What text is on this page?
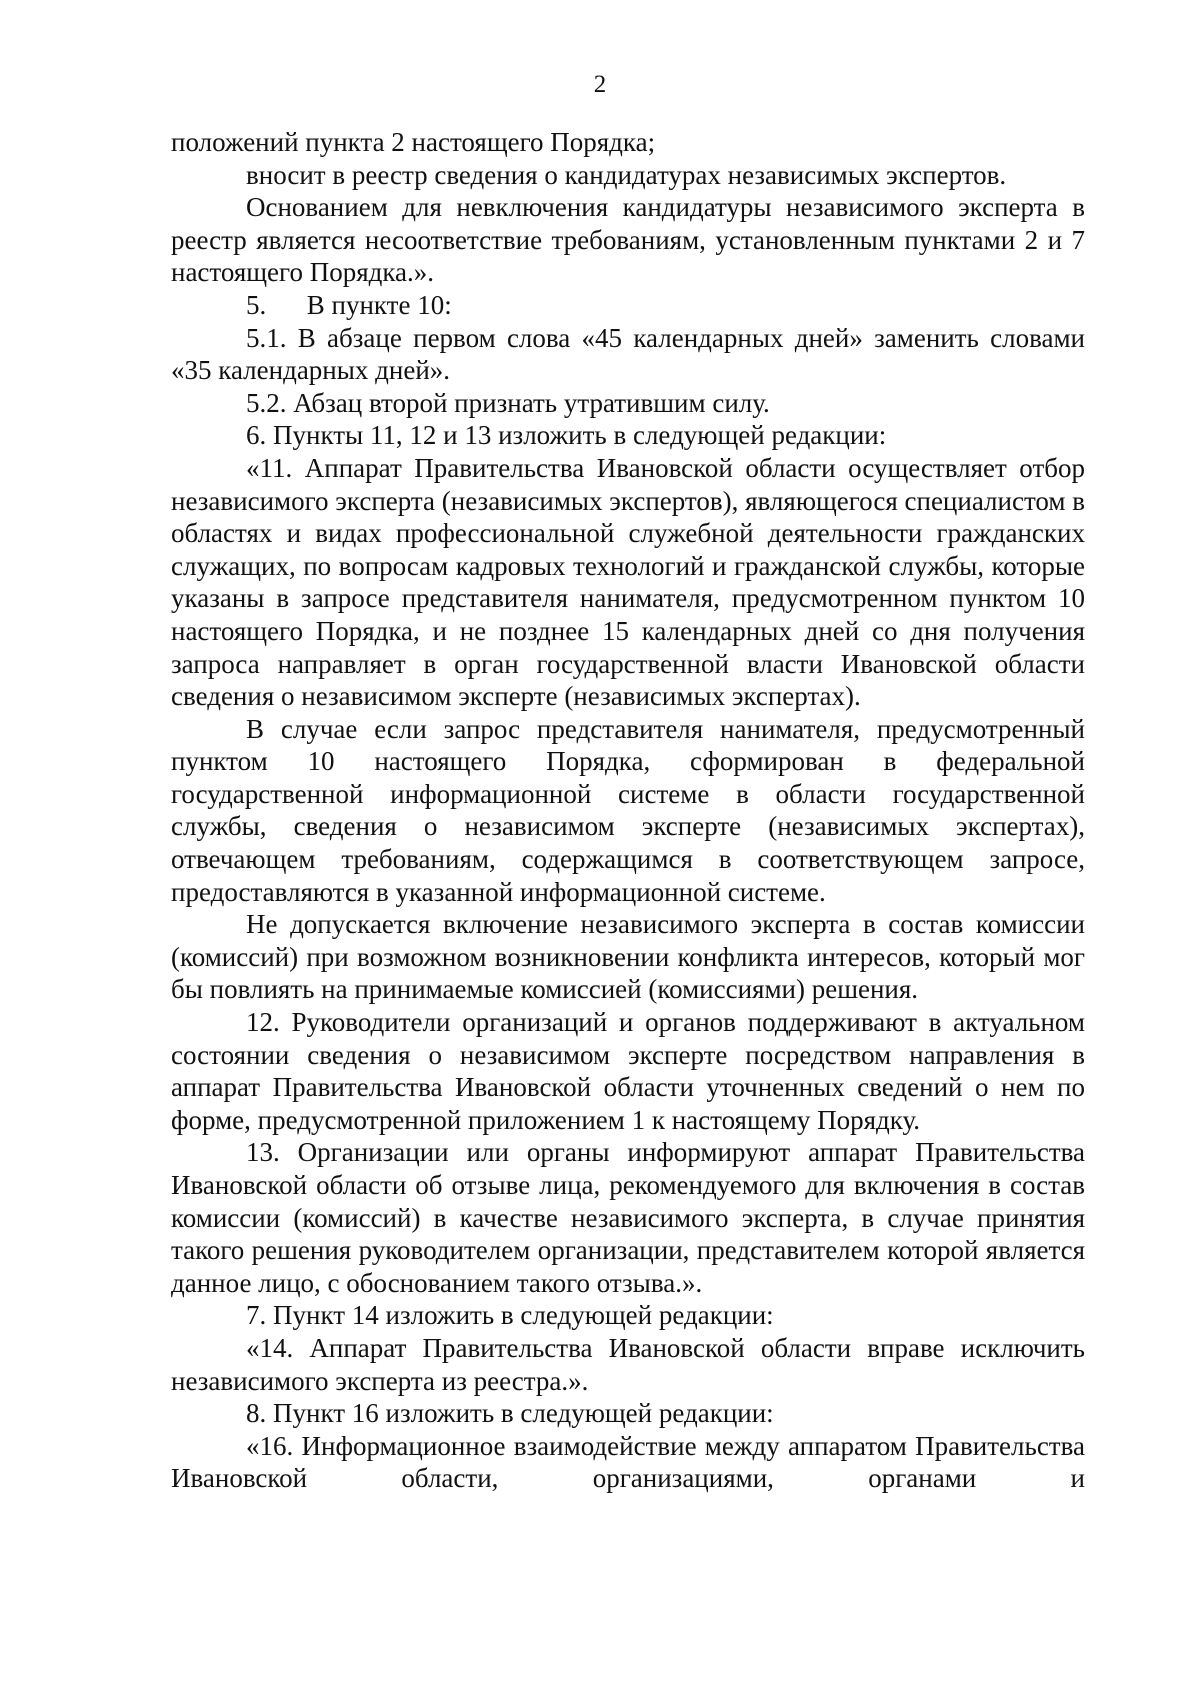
2

положений пункта 2 настоящего Порядка;

вносит в реестр сведения о кандидатурах независимых экспертов.

Основанием для невключения кандидатуры независимого эксперта в реестр является несоответствие требованиям, установленным пунктами 2 и 7 настоящего Порядка.».

5.      В пункте 10:

5.1. В абзаце первом слова «45 календарных дней» заменить словами «35 календарных дней».

5.2. Абзац второй признать утратившим силу.

6. Пункты 11, 12 и 13 изложить в следующей редакции:

«11. Аппарат Правительства Ивановской области осуществляет отбор независимого эксперта (независимых экспертов), являющегося специалистом в областях и видах профессиональной служебной деятельности гражданских служащих, по вопросам кадровых технологий и гражданской службы, которые указаны в запросе представителя нанимателя, предусмотренном пунктом 10 настоящего Порядка, и не позднее 15 календарных дней со дня получения запроса направляет в орган государственной власти Ивановской области сведения о независимом эксперте (независимых экспертах).

В случае если запрос представителя нанимателя, предусмотренный пунктом 10 настоящего Порядка, сформирован в федеральной государственной информационной системе в области государственной службы, сведения о независимом эксперте (независимых экспертах), отвечающем требованиям, содержащимся в соответствующем запросе, предоставляются в указанной информационной системе.

Не допускается включение независимого эксперта в состав комиссии (комиссий) при возможном возникновении конфликта интересов, который мог бы повлиять на принимаемые комиссией (комиссиями) решения.

12. Руководители организаций и органов поддерживают в актуальном состоянии сведения о независимом эксперте посредством направления в аппарат Правительства Ивановской области уточненных сведений о нем по форме, предусмотренной приложением 1 к настоящему Порядку.

13. Организации или органы информируют аппарат Правительства Ивановской области об отзыве лица, рекомендуемого для включения в состав комиссии (комиссий) в качестве независимого эксперта, в случае принятия такого решения руководителем организации, представителем которой является данное лицо, с обоснованием такого отзыва.».

7. Пункт 14 изложить в следующей редакции:

«14. Аппарат Правительства Ивановской области вправе исключить независимого эксперта из реестра.».

8. Пункт 16 изложить в следующей редакции:

«16. Информационное взаимодействие между аппаратом Правительства Ивановской области, организациями, органами и
